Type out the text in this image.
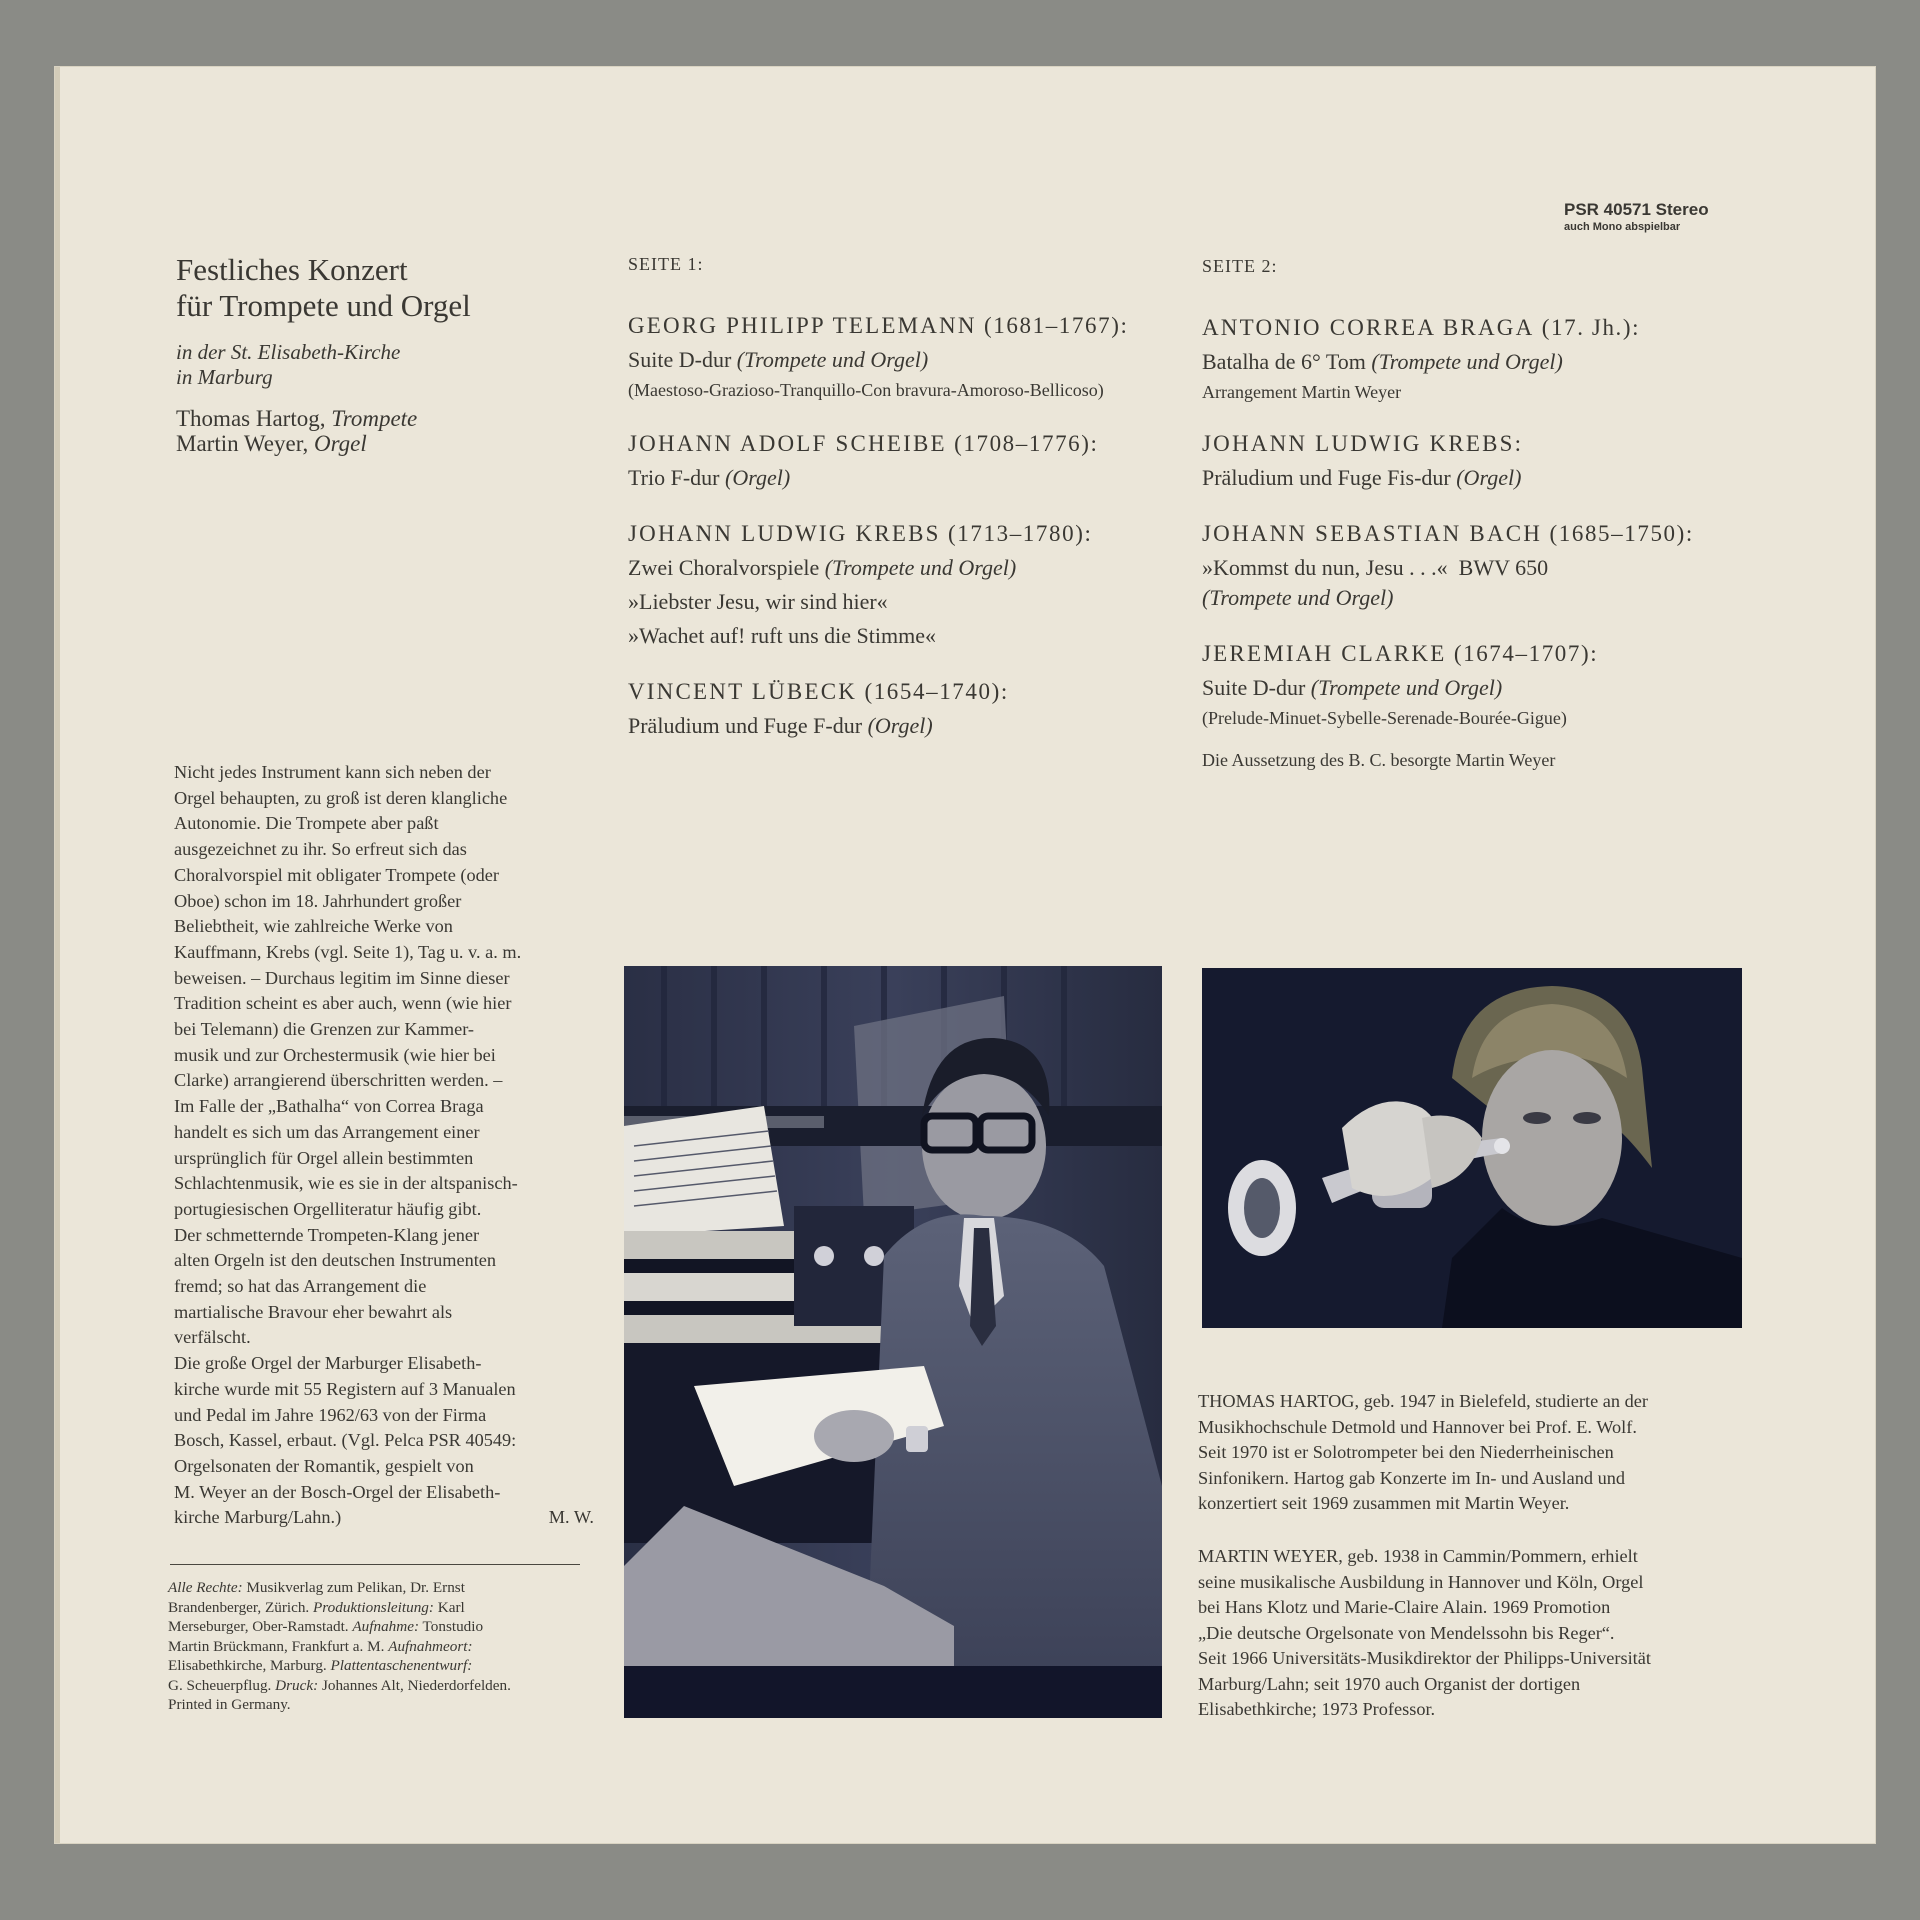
PSR 40571 Stereo
auch Mono abspielbar
Festliches Konzert
für Trompete und Orgel
in der St. Elisabeth-Kirche
in Marburg
Thomas Hartog, Trompete
Martin Weyer, Orgel
SEITE 1:
GEORG PHILIPP TELEMANN (1681–1767):
Suite D-dur (Trompete und Orgel)
(Maestoso-Grazioso-Tranquillo-Con bravura-Amoroso-Bellicoso)
JOHANN ADOLF SCHEIBE (1708–1776):
Trio F-dur (Orgel)
JOHANN LUDWIG KREBS (1713–1780):
Zwei Choralvorspiele (Trompete und Orgel)
»Liebster Jesu, wir sind hier«
»Wachet auf! ruft uns die Stimme«
VINCENT LÜBECK (1654–1740):
Präludium und Fuge F-dur (Orgel)
SEITE 2:
ANTONIO CORREA BRAGA (17. Jh.):
Batalha de 6° Tom (Trompete und Orgel)
Arrangement Martin Weyer
JOHANN LUDWIG KREBS:
Präludium und Fuge Fis-dur (Orgel)
JOHANN SEBASTIAN BACH (1685–1750):
»Kommst du nun, Jesu . . .«  BWV 650
(Trompete und Orgel)
JEREMIAH CLARKE (1674–1707):
Suite D-dur (Trompete und Orgel)
(Prelude-Minuet-Sybelle-Serenade-Bourée-Gigue)
Die Aussetzung des B. C. besorgte Martin Weyer
Nicht jedes Instrument kann sich neben der
Orgel behaupten, zu groß ist deren klangliche
Autonomie. Die Trompete aber paßt
ausgezeichnet zu ihr. So erfreut sich das
Choralvorspiel mit obligater Trompete (oder
Oboe) schon im 18. Jahrhundert großer
Beliebtheit, wie zahlreiche Werke von
Kauffmann, Krebs (vgl. Seite 1), Tag u. v. a. m.
beweisen. – Durchaus legitim im Sinne dieser
Tradition scheint es aber auch, wenn (wie hier
bei Telemann) die Grenzen zur Kammer-
musik und zur Orchestermusik (wie hier bei
Clarke) arrangierend überschritten werden. –
Im Falle der „Bathalha“ von Correa Braga
handelt es sich um das Arrangement einer
ursprünglich für Orgel allein bestimmten
Schlachtenmusik, wie es sie in der altspanisch-
portugiesischen Orgelliteratur häufig gibt.
Der schmetternde Trompeten-Klang jener
alten Orgeln ist den deutschen Instrumenten
fremd; so hat das Arrangement die
martialische Bravour eher bewahrt als
verfälscht.
Die große Orgel der Marburger Elisabeth-
kirche wurde mit 55 Registern auf 3 Manualen
und Pedal im Jahre 1962/63 von der Firma
Bosch, Kassel, erbaut. (Vgl. Pelca PSR 40549:
Orgelsonaten der Romantik, gespielt von
M. Weyer an der Bosch-Orgel der Elisabeth-
kirche Marburg/Lahn.)	M. W.
Alle Rechte: Musikverlag zum Pelikan, Dr. Ernst
Brandenberger, Zürich. Produktionsleitung: Karl
Merseburger, Ober-Ramstadt. Aufnahme: Tonstudio
Martin Brückmann, Frankfurt a. M. Aufnahmeort:
Elisabethkirche, Marburg. Plattentaschenentwurf:
G. Scheuerpflug. Druck: Johannes Alt, Niederdorfelden.
Printed in Germany.
THOMAS HARTOG, geb. 1947 in Bielefeld, studierte an der
Musikhochschule Detmold und Hannover bei Prof. E. Wolf.
Seit 1970 ist er Solotrompeter bei den Niederrheinischen
Sinfonikern. Hartog gab Konzerte im In- und Ausland und
konzertiert seit 1969 zusammen mit Martin Weyer.
MARTIN WEYER, geb. 1938 in Cammin/Pommern, erhielt
seine musikalische Ausbildung in Hannover und Köln, Orgel
bei Hans Klotz und Marie-Claire Alain. 1969 Promotion
„Die deutsche Orgelsonate von Mendelssohn bis Reger“.
Seit 1966 Universitäts-Musikdirektor der Philipps-Universität
Marburg/Lahn; seit 1970 auch Organist der dortigen
Elisabethkirche; 1973 Professor.
